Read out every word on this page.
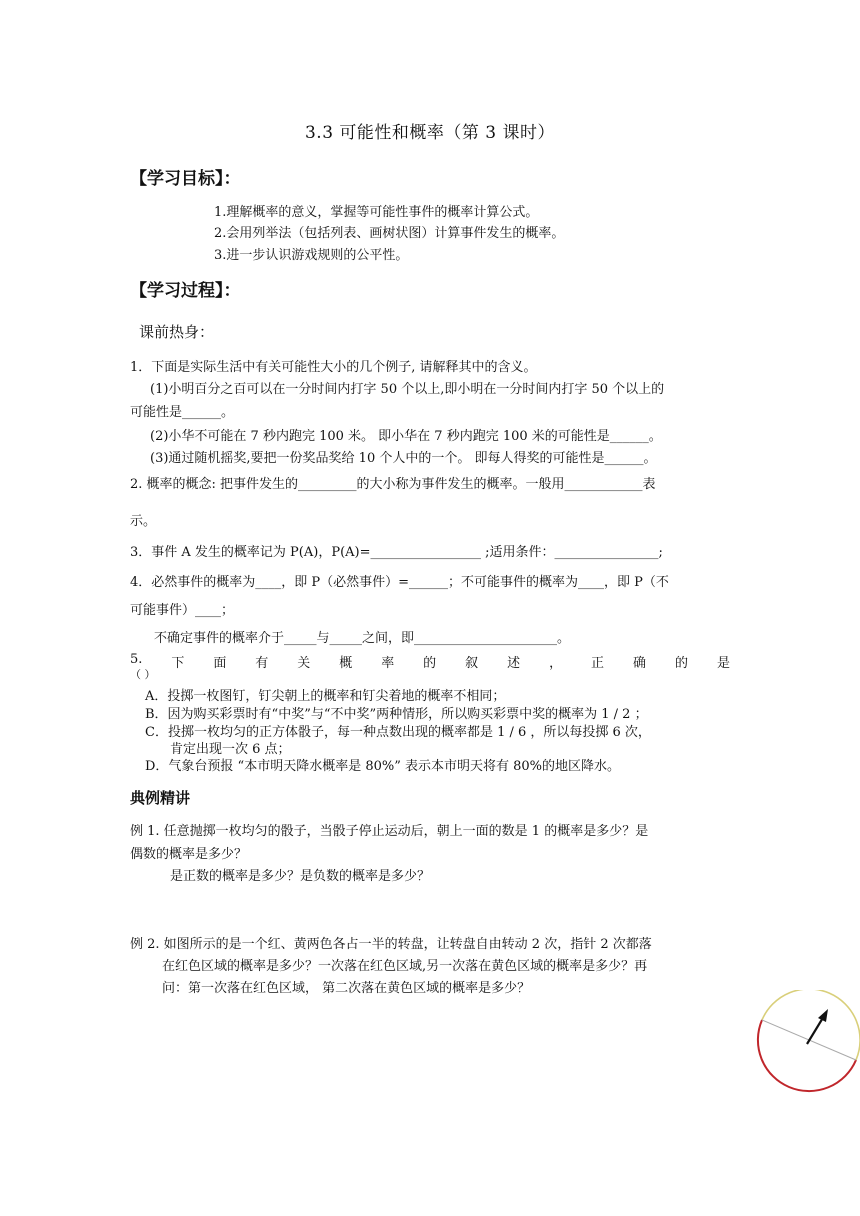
3.3 可能性和概率（第 3 课时）
【学习目标】：
1.理解概率的意义，掌握等可能性事件的概率计算公式。
2.会用列举法（包括列表、画树状图）计算事件发生的概率。
3.进一步认识游戏规则的公平性。
【学习过程】：
课前热身：
1．下面是实际生活中有关可能性大小的几个例子, 请解释其中的含义。
(1)小明百分之百可以在一分时间内打字 50 个以上,即小明在一分时间内打字 50 个以上的
可能性是______。
(2)小华不可能在 7 秒内跑完 100 米。 即小华在 7 秒内跑完 100 米的可能性是______。
(3)通过随机摇奖,要把一份奖品奖给 10 个人中的一个。 即每人得奖的可能性是______。
2. 概率的概念: 把事件发生的_________的大小称为事件发生的概率。一般用____________表
示。
3．事件 A 发生的概率记为 P(A)，P(A)=_________________ ;适用条件：________________;
4．必然事件的概率为____，即 P（必然事件）=______；不可能事件的概率为____，即 P（不
可能事件）____；
不确定事件的概率介于_____与_____之间，即______________________。
5. 下 面 有 关 概 率 的 叙 述 ， 正 确 的 是
（ ）
A．投掷一枚图钉，钉尖朝上的概率和钉尖着地的概率不相同；
B．因为购买彩票时有“中奖”与“不中奖”两种情形，所以购买彩票中奖的概率为 1 / 2 ；
C．投掷一枚均匀的正方体骰子，每一种点数出现的概率都是 1 / 6 ，所以每投掷 6 次，
肯定出现一次 6 点；
D．气象台预报 “本市明天降水概率是 80%” 表示本市明天将有 80%的地区降水。
典例精讲
例 1. 任意抛掷一枚均匀的骰子，当骰子停止运动后，朝上一面的数是 1 的概率是多少？是
偶数的概率是多少？
是正数的概率是多少？是负数的概率是多少？
例 2. 如图所示的是一个红、黄两色各占一半的转盘，让转盘自由转动 2 次，指针 2 次都落
在红色区域的概率是多少？一次落在红色区域,另一次落在黄色区域的概率是多少？再
问：第一次落在红色区域， 第二次落在黄色区域的概率是多少？
